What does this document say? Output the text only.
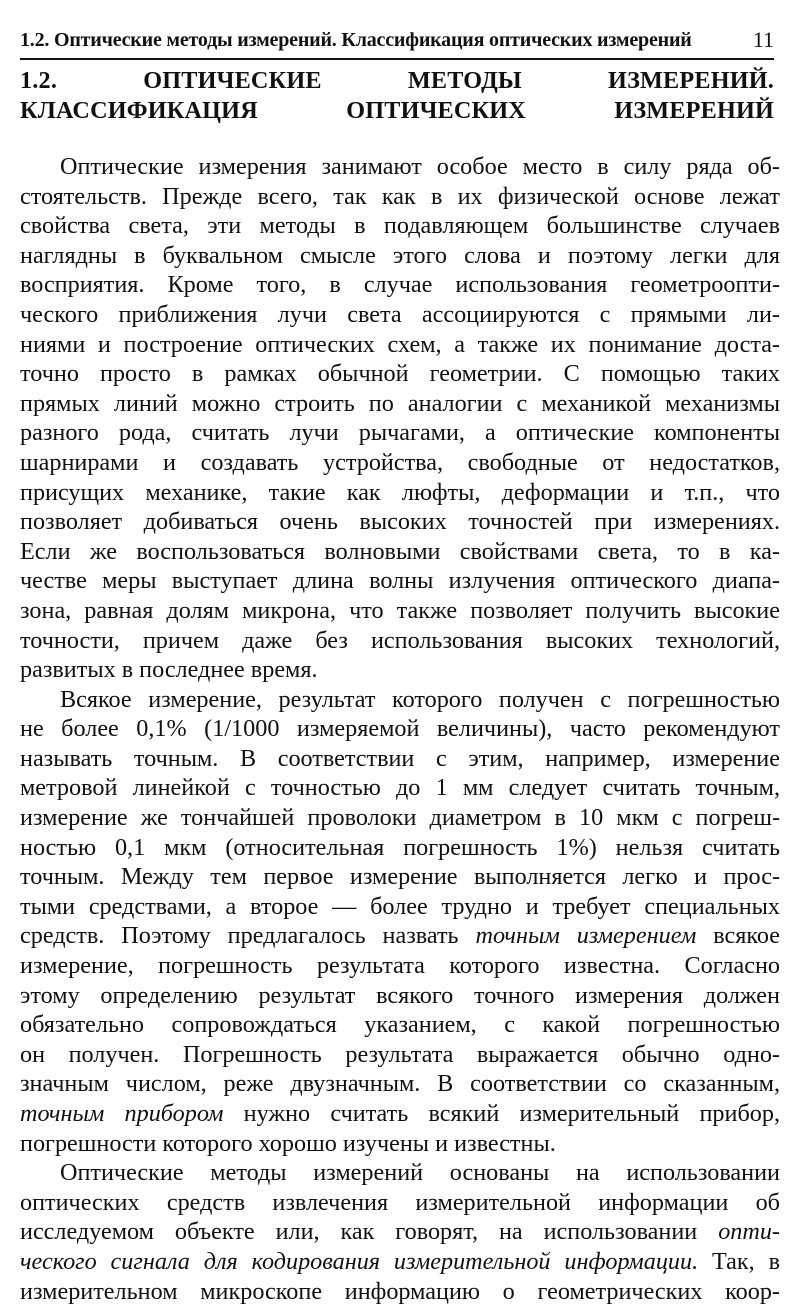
1.2. Оптические методы измерений. Классификация оптических измерений	11
1.2. ОПТИЧЕСКИЕ МЕТОДЫ ИЗМЕРЕНИЙ.
КЛАССИФИКАЦИЯ ОПТИЧЕСКИХ ИЗМЕРЕНИЙ
Оптические измерения занимают особое место в силу ряда об-
стоятельств. Прежде всего, так как в их физической основе лежат
свойства света, эти методы в подавляющем большинстве случаев
наглядны в буквальном смысле этого слова и поэтому легки для
восприятия. Кроме того, в случае использования геометроопти-
ческого приближения лучи света ассоциируются с прямыми ли-
ниями и построение оптических схем, а также их понимание доста-
точно просто в рамках обычной геометрии. С помощью таких
прямых линий можно строить по аналогии с механикой механизмы
разного рода, считать лучи рычагами, а оптические компоненты
шарнирами и создавать устройства, свободные от недостатков,
присущих механике, такие как люфты, деформации и т.п., что
позволяет добиваться очень высоких точностей при измерениях.
Если же воспользоваться волновыми свойствами света, то в ка-
честве меры выступает длина волны излучения оптического диапа-
зона, равная долям микрона, что также позволяет получить высокие
точности, причем даже без использования высоких технологий,
развитых в последнее время.
Всякое измерение, результат которого получен с погрешностью
не более 0,1% (1/1000 измеряемой величины), часто рекомендуют
называть точным. В соответствии с этим, например, измерение
метровой линейкой с точностью до 1 мм следует считать точным,
измерение же тончайшей проволоки диаметром в 10 мкм с погреш-
ностью 0,1 мкм (относительная погрешность 1%) нельзя считать
точным. Между тем первое измерение выполняется легко и прос-
тыми средствами, а второе — более трудно и требует специальных
средств. Поэтому предлагалось назвать точным измерением всякое
измерение, погрешность результата которого известна. Согласно
этому определению результат всякого точного измерения должен
обязательно сопровождаться указанием, с какой погрешностью
он получен. Погрешность результата выражается обычно одно-
значным числом, реже двузначным. В соответствии со сказанным,
точным прибором нужно считать всякий измерительный прибор,
погрешности которого хорошо изучены и известны.
Оптические методы измерений основаны на использовании
оптических средств извлечения измерительной информации об
исследуемом объекте или, как говорят, на использовании опти-
ческого сигнала для кодирования измерительной информации. Так, в
измерительном микроскопе информацию о геометрических коор-
